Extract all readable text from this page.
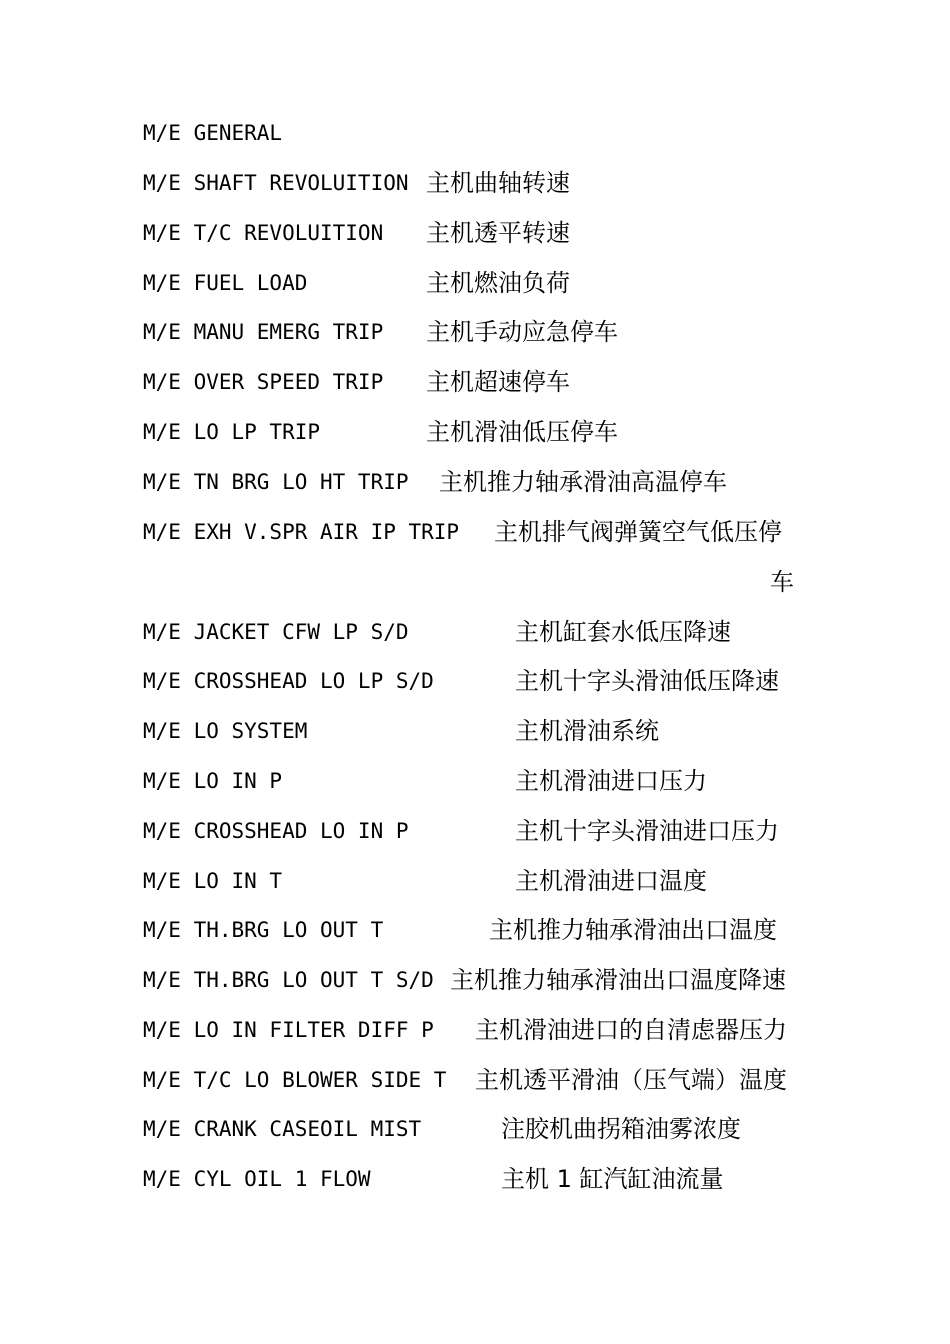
M/E GENERAL
M/E SHAFT REVOLUITION 主机曲轴转速
M/E T/C REVOLUITION 主机透平转速
M/E FUEL LOAD	主机燃油负荷
M/E MANU EMERG TRIP 主机手动应急停车
M/E OVER SPEED TRIP 主机超速停车
M/E LO LP TRIP	主机滑油低压停车
M/E TN BRG LO HT TRIP 主机推力轴承滑油高温停车
M/E EXH V.SPR AIR IP TRIP 主机排气阀弹簧空气低压停
车
M/E JACKET CFW LP S/D	主机缸套水低压降速
M/E CROSSHEAD LO LP S/D	主机十字头滑油低压降速
M/E LO SYSTEM	主机滑油系统
M/E LO IN P	主机滑油进口压力
M/E CROSSHEAD LO IN P	主机十字头滑油进口压力
M/E LO IN T	主机滑油进口温度
M/E TH.BRG LO OUT T	主机推力轴承滑油出口温度
M/E TH.BRG LO OUT T S/D 主机推力轴承滑油出口温度降速
M/E LO IN FILTER DIFF P 主机滑油进口的自清虑器压力
M/E T/C LO BLOWER SIDE T 主机透平滑油（压气端）温度
M/E CRANK CASEOIL MIST	注胶机曲拐箱油雾浓度
M/E CYL OIL 1 FLOW	主机 1 缸汽缸油流量
